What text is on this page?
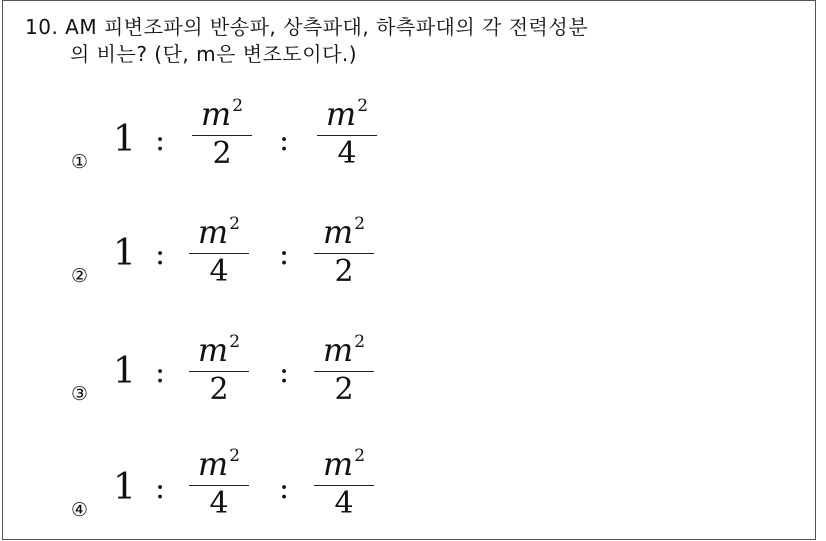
10. AM 피변조파의 반송파, 상측파대, 하측파대의 각 전력성분
의 비는? (단, m은 변조도이다.)
①
1 :
$m^2$
2	:
$m^2$
4
②
1 :
$m^2$
4	:
$m^2$
2
③
1 :
$m^2$
2	:
$m^2$
2
④
1 :
$m^2$
4	:
$m^2$
4
